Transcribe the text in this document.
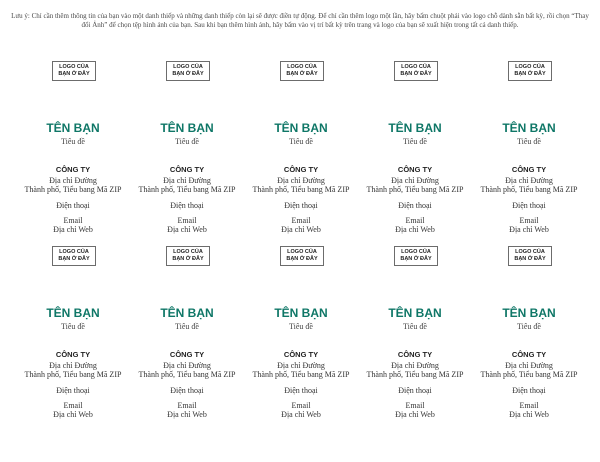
Lưu ý: Chỉ cần thêm thông tin của bạn vào một danh thiếp và những danh thiếp còn lại sẽ được điền tự động. Để chỉ cần thêm logo một lần, hãy bấm chuột phải vào logo chỗ dành sẵn bất kỳ, rồi chọn “Thay đổi Ảnh” để chọn tệp hình ảnh của bạn. Sau khi bạn thêm hình ảnh, hãy bấm vào vị trí bất kỳ trên trang và logo của bạn sẽ xuất hiện trong tất cả danh thiếp.
LOGO CỦA
BẠN Ở ĐÂY
TÊN BẠN
Tiêu đề
CÔNG TY
Địa chỉ Đường
Thành phố, Tiểu bang Mã ZIP
Điện thoại
Email
Địa chỉ Web
LOGO CỦA
BẠN Ở ĐÂY
TÊN BẠN
Tiêu đề
CÔNG TY
Địa chỉ Đường
Thành phố, Tiểu bang Mã ZIP
Điện thoại
Email
Địa chỉ Web
LOGO CỦA
BẠN Ở ĐÂY
TÊN BẠN
Tiêu đề
CÔNG TY
Địa chỉ Đường
Thành phố, Tiểu bang Mã ZIP
Điện thoại
Email
Địa chỉ Web
LOGO CỦA
BẠN Ở ĐÂY
TÊN BẠN
Tiêu đề
CÔNG TY
Địa chỉ Đường
Thành phố, Tiểu bang Mã ZIP
Điện thoại
Email
Địa chỉ Web
LOGO CỦA
BẠN Ở ĐÂY
TÊN BẠN
Tiêu đề
CÔNG TY
Địa chỉ Đường
Thành phố, Tiểu bang Mã ZIP
Điện thoại
Email
Địa chỉ Web
LOGO CỦA
BẠN Ở ĐÂY
TÊN BẠN
Tiêu đề
CÔNG TY
Địa chỉ Đường
Thành phố, Tiểu bang Mã ZIP
Điện thoại
Email
Địa chỉ Web
LOGO CỦA
BẠN Ở ĐÂY
TÊN BẠN
Tiêu đề
CÔNG TY
Địa chỉ Đường
Thành phố, Tiểu bang Mã ZIP
Điện thoại
Email
Địa chỉ Web
LOGO CỦA
BẠN Ở ĐÂY
TÊN BẠN
Tiêu đề
CÔNG TY
Địa chỉ Đường
Thành phố, Tiểu bang Mã ZIP
Điện thoại
Email
Địa chỉ Web
LOGO CỦA
BẠN Ở ĐÂY
TÊN BẠN
Tiêu đề
CÔNG TY
Địa chỉ Đường
Thành phố, Tiểu bang Mã ZIP
Điện thoại
Email
Địa chỉ Web
LOGO CỦA
BẠN Ở ĐÂY
TÊN BẠN
Tiêu đề
CÔNG TY
Địa chỉ Đường
Thành phố, Tiểu bang Mã ZIP
Điện thoại
Email
Địa chỉ Web
